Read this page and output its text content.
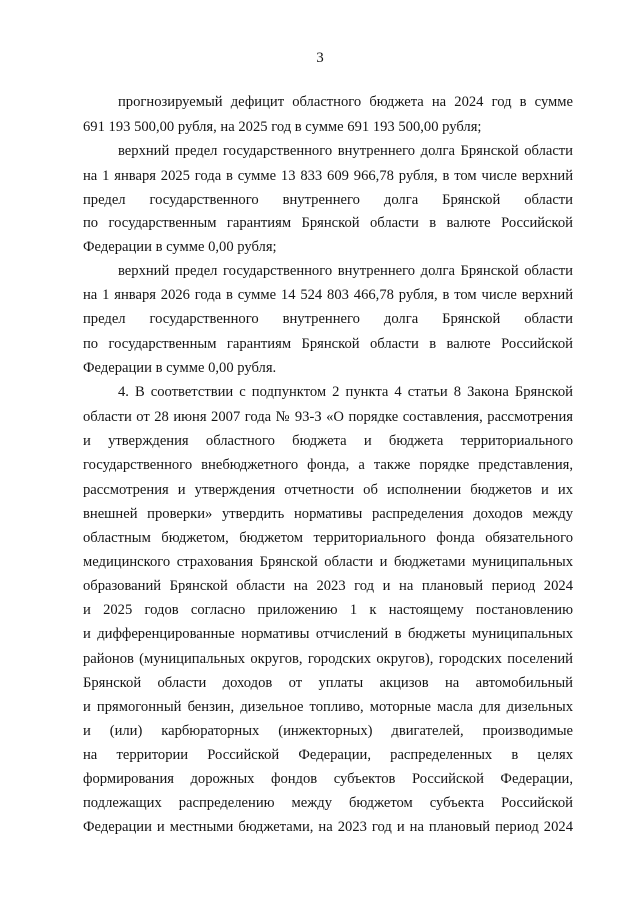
3
прогнозируемый дефицит областного бюджета на 2024 год в сумме
691 193 500,00 рубля, на 2025 год в сумме 691 193 500,00 рубля;
верхний предел государственного внутреннего долга Брянской области
на 1 января 2025 года в сумме 13 833 609 966,78 рубля, в том числе верхний
предел государственного внутреннего долга Брянской области
по государственным гарантиям Брянской области в валюте Российской
Федерации в сумме 0,00 рубля;
верхний предел государственного внутреннего долга Брянской области
на 1 января 2026 года в сумме 14 524 803 466,78 рубля, в том числе верхний
предел государственного внутреннего долга Брянской области
по государственным гарантиям Брянской области в валюте Российской
Федерации в сумме 0,00 рубля.
4. В соответствии с подпунктом 2 пункта 4 статьи 8 Закона Брянской
области от 28 июня 2007 года № 93-З «О порядке составления, рассмотрения
и утверждения областного бюджета и бюджета территориального
государственного внебюджетного фонда, а также порядке представления,
рассмотрения и утверждения отчетности об исполнении бюджетов и их
внешней проверки» утвердить нормативы распределения доходов между
областным бюджетом, бюджетом территориального фонда обязательного
медицинского страхования Брянской области и бюджетами муниципальных
образований Брянской области на 2023 год и на плановый период 2024
и 2025 годов согласно приложению 1 к настоящему постановлению
и дифференцированные нормативы отчислений в бюджеты муниципальных
районов (муниципальных округов, городских округов), городских поселений
Брянской области доходов от уплаты акцизов на автомобильный
и прямогонный бензин, дизельное топливо, моторные масла для дизельных
и (или) карбюраторных (инжекторных) двигателей, производимые
на территории Российской Федерации, распределенных в целях
формирования дорожных фондов субъектов Российской Федерации,
подлежащих распределению между бюджетом субъекта Российской
Федерации и местными бюджетами, на 2023 год и на плановый период 2024
